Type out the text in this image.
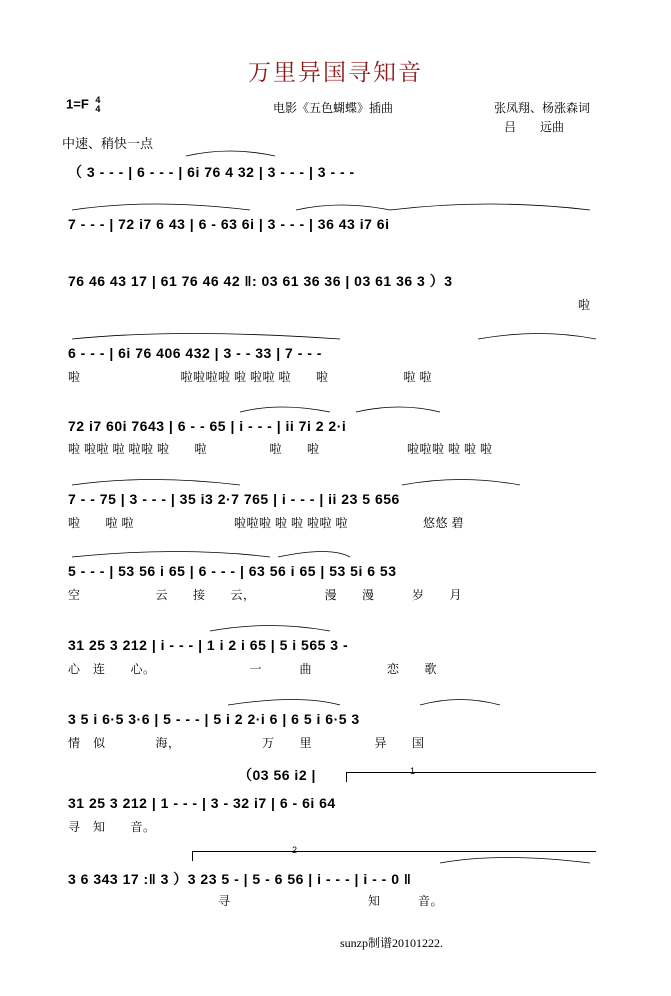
万里异国寻知音
1=F 4
4	电影《五色蝴蝶》插曲	张凤翔、杨涨森词
吕　　远曲
中速、稍快一点
（ 3 - - - | 6 - - - | 6i 76 4 32 | 3 - - - | 3 - - -
7 - - - | 72 i7 6 43 | 6 - 63 6i | 3 - - - | 36 43 i7 6i
76 46 43 17 | 61 76 46 42 ‖: 03 61 36 36 | 03 61 36 3 ）3
啦
6 - - - | 6i 76 406 432 | 3 - - 33 | 7 - - -
啦　　　　　　　　啦啦啦啦 啦 啦啦 啦　　啦　　　　　　啦 啦
72 i7 60i 7643 | 6 - - 65 | i - - - | ii 7i 2 2·i
啦 啦啦 啦 啦啦 啦　　啦　　　　　啦　　啦　　　　　　　啦啦啦 啦 啦 啦
7 - - 75 | 3 - - - | 35 i3 2·7 765 | i - - - | ii 23 5 656
啦　　啦 啦　　　　　　　　啦啦啦 啦 啦 啦啦 啦　　　　　　悠悠 碧
5 - - - | 53 56 i 65 | 6 - - - | 63 56 i 65 | 53 5i 6 53
空　　　　　　云　　接　　云，　　　　　　漫　　漫　　　岁　　月
31 25 3 212 | i - - - | 1 i 2 i 65 | 5 i 565 3 -
心　连　　心。　　　　　　　　一　　　曲　　　　　　恋　　歌
3 5 i 6·5 3·6 | 5 - - - | 5 i 2 2·i 6 | 6 5 i 6·5 3
情　似　　　　海，　　　　　　　万　　里　　　　　异　　国
（03 56 i2 |	1
31 25 3 212 | 1 - - - | 3 - 32 i7 | 6 - 6i 64
寻　知　　音。
2
3 6 343 17 :‖ 3 ）3 23 5 - | 5 - 6 56 | i - - - | i - - 0 ‖
寻　　　　　　　　　　　知　　　音。
sunzp制谱20101222.
